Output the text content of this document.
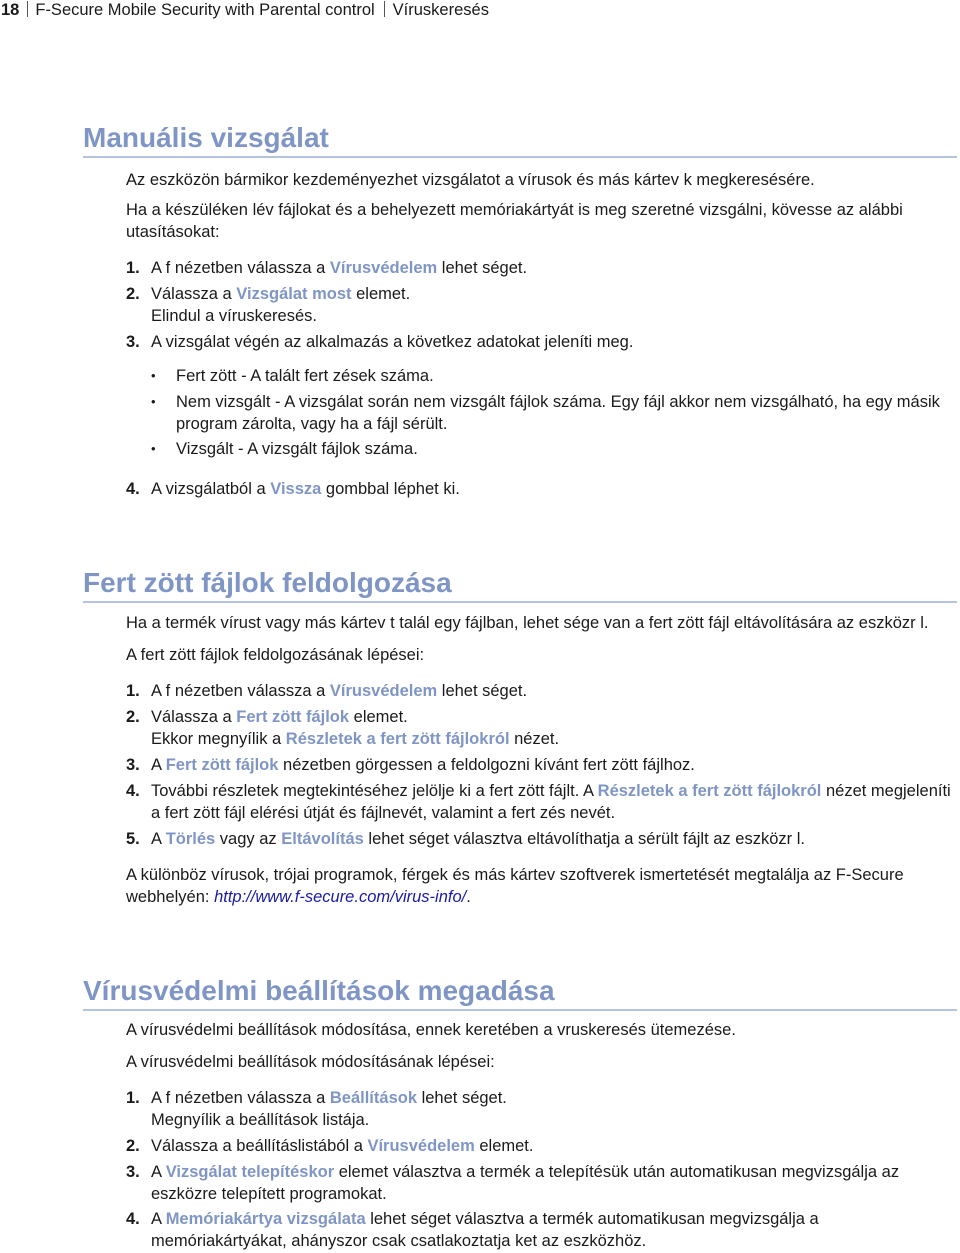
18 F-Secure Mobile Security with Parental control Víruskeresés
Manuális vizsgálat
Az eszközön bármikor kezdeményezhet vizsgálatot a vírusok és más kártev k megkeresésére.
Ha a készüléken lév fájlokat és a behelyezett memóriakártyát is meg szeretné vizsgálni, kövesse az alábbi utasításokat:
1. A f nézetben válassza a Vírusvédelem lehet séget.
2. Válassza a Vizsgálat most elemet.
Elindul a víruskeresés.
3. A vizsgálat végén az alkalmazás a következ adatokat jeleníti meg.
• Fert zött - A talált fert zések száma.
• Nem vizsgált - A vizsgálat során nem vizsgált fájlok száma. Egy fájl akkor nem vizsgálható, ha egy másik program zárolta, vagy ha a fájl sérült.
• Vizsgált - A vizsgált fájlok száma.
4. A vizsgálatból a Vissza gombbal léphet ki.
Fert zött fájlok feldolgozása
Ha a termék vírust vagy más kártev t talál egy fájlban, lehet sége van a fert zött fájl eltávolítására az eszközr l.
A fert zött fájlok feldolgozásának lépései:
1. A f nézetben válassza a Vírusvédelem lehet séget.
2. Válassza a Fert zött fájlok elemet.
Ekkor megnyílik a Részletek a fert zött fájlokról nézet.
3. A Fert zött fájlok nézetben görgessen a feldolgozni kívánt fert zött fájlhoz.
4. További részletek megtekintéséhez jelölje ki a fert zött fájlt. A Részletek a fert zött fájlokról nézet megjeleníti a fert zött fájl elérési útját és fájlnevét, valamint a fert zés nevét.
5. A Törlés vagy az Eltávolítás lehet séget választva eltávolíthatja a sérült fájlt az eszközr l.
A különböz vírusok, trójai programok, férgek és más kártev szoftverek ismertetését megtalálja az F-Secure webhelyén: http://www.f-secure.com/virus-info/.
Vírusvédelmi beállítások megadása
A vírusvédelmi beállítások módosítása, ennek keretében a vruskeresés ütemezése.
A vírusvédelmi beállítások módosításának lépései:
1. A f nézetben válassza a Beállítások lehet séget.
Megnyílik a beállítások listája.
2. Válassza a beállításlistából a Vírusvédelem elemet.
3. A Vizsgálat telepítéskor elemet választva a termék a telepítésük után automatikusan megvizsgálja az eszközre telepített programokat.
4. A Memóriakártya vizsgálata lehet séget választva a termék automatikusan megvizsgálja a memóriakártyákat, ahányszor csak csatlakoztatja ket az eszközhöz.
